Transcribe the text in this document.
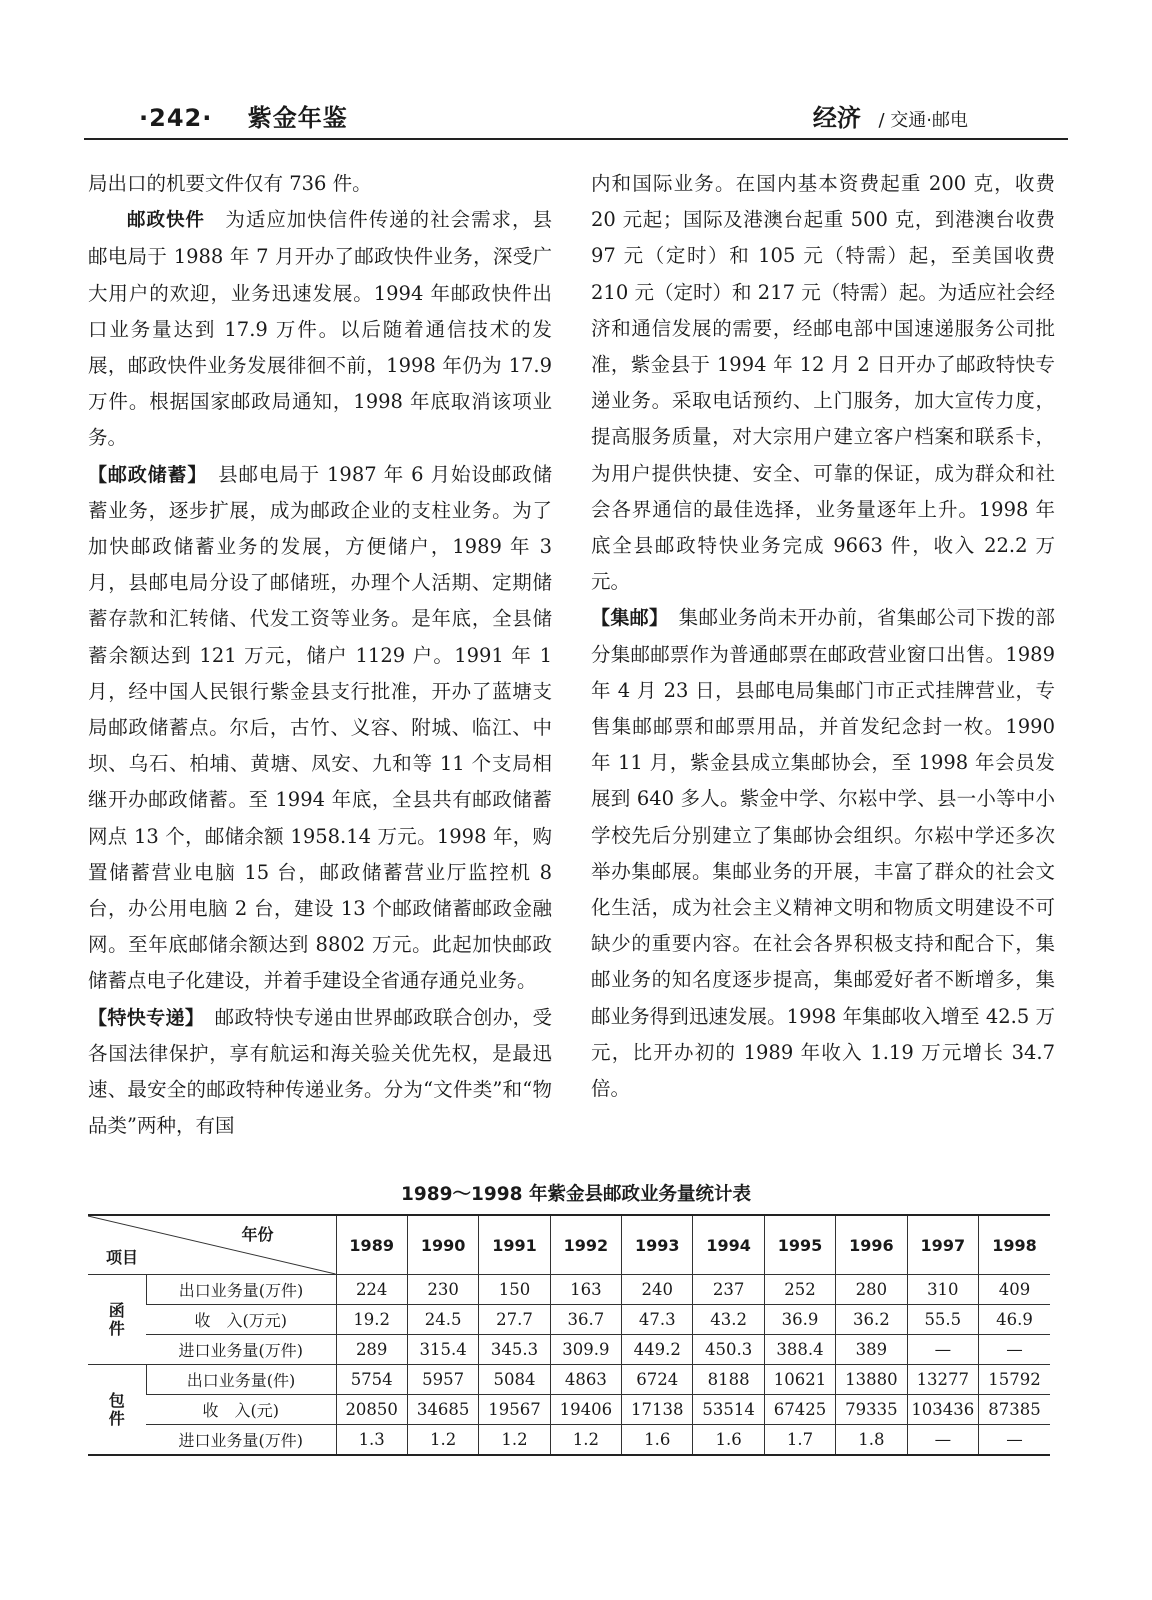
·242· 紫金年鉴	经济 / 交通·邮电

局出口的机要文件仅有 736 件。

邮政快件　 为适应加快信件传递的社会需求，县邮电局于 1988 年 7 月开办了邮政快件业务，深受广大用户的欢迎，业务迅速发展。1994 年邮政快件出口业务量达到 17.9 万件。以后随着通信技术的发展，邮政快件业务发展徘徊不前，1998 年仍为 17.9 万件。根据国家邮政局通知，1998 年底取消该项业务。

【邮政储蓄】　 县邮电局于 1987 年 6 月始设邮政储蓄业务，逐步扩展，成为邮政企业的支柱业务。为了加快邮政储蓄业务的发展，方便储户，1989 年 3 月，县邮电局分设了邮储班，办理个人活期、定期储蓄存款和汇转储、代发工资等业务。是年底，全县储蓄余额达到 121 万元，储户 1129 户。1991 年 1 月，经中国人民银行紫金县支行批准，开办了蓝塘支局邮政储蓄点。尔后，古竹、义容、附城、临江、中坝、乌石、柏埔、黄塘、凤安、九和等 11 个支局相继开办邮政储蓄。至 1994 年底，全县共有邮政储蓄网点 13 个，邮储余额 1958.14 万元。1998 年，购置储蓄营业电脑 15 台，邮政储蓄营业厅监控机 8 台，办公用电脑 2 台，建设 13 个邮政储蓄邮政金融网。至年底邮储余额达到 8802 万元。此起加快邮政储蓄点电子化建设，并着手建设全省通存通兑业务。

【特快专递】　 邮政特快专递由世界邮政联合创办，受各国法律保护，享有航运和海关验关优先权，是最迅速、最安全的邮政特种传递业务。分为“文件类”和“物品类”两种，有国

内和国际业务。在国内基本资费起重 200 克，收费 20 元起；国际及港澳台起重 500 克，到港澳台收费 97 元（定时）和 105 元（特需）起，至美国收费 210 元（定时）和 217 元（特需）起。为适应社会经济和通信发展的需要，经邮电部中国速递服务公司批准，紫金县于 1994 年 12 月 2 日开办了邮政特快专递业务。采取电话预约、上门服务，加大宣传力度，提高服务质量，对大宗用户建立客户档案和联系卡，为用户提供快捷、安全、可靠的保证，成为群众和社会各界通信的最佳选择，业务量逐年上升。1998 年底全县邮政特快业务完成 9663 件，收入 22.2 万元。

【集邮】　 集邮业务尚未开办前，省集邮公司下拨的部分集邮邮票作为普通邮票在邮政营业窗口出售。1989 年 4 月 23 日，县邮电局集邮门市正式挂牌营业，专售集邮邮票和邮票用品，并首发纪念封一枚。1990 年 11 月，紫金县成立集邮协会，至 1998 年会员发展到 640 多人。紫金中学、尔崧中学、县一小等中小学校先后分别建立了集邮协会组织。尔崧中学还多次举办集邮展。集邮业务的开展，丰富了群众的社会文化生活，成为社会主义精神文明和物质文明建设不可缺少的重要内容。在社会各界积极支持和配合下，集邮业务的知名度逐步提高，集邮爱好者不断增多，集邮业务得到迅速发展。1998 年集邮收入增至 42.5 万元，比开办初的 1989 年收入 1.19 万元增长 34.7 倍。

1989～1998 年紫金县邮政业务量统计表
年份
项目		1989	1990	1991	1992	1993	1994	1995	1996	1997	1998

函
件	出口业务量(万件)	224	230	150	163	240	237	252	280	310	409
	收　入(万元)	19.2	24.5	27.7	36.7	47.3	43.2	36.9	36.2	55.5	46.9
	进口业务量(万件)	289	315.4	345.3	309.9	449.2	450.3	388.4	389	—	—

包
件	出口业务量(件)	5754	5957	5084	4863	6724	8188	10621	13880	13277	15792
	收　入(元)	20850	34685	19567	19406	17138	53514	67425	79335	103436	87385
	进口业务量(万件)	1.3	1.2	1.2	1.2	1.6	1.6	1.7	1.8	—	—
